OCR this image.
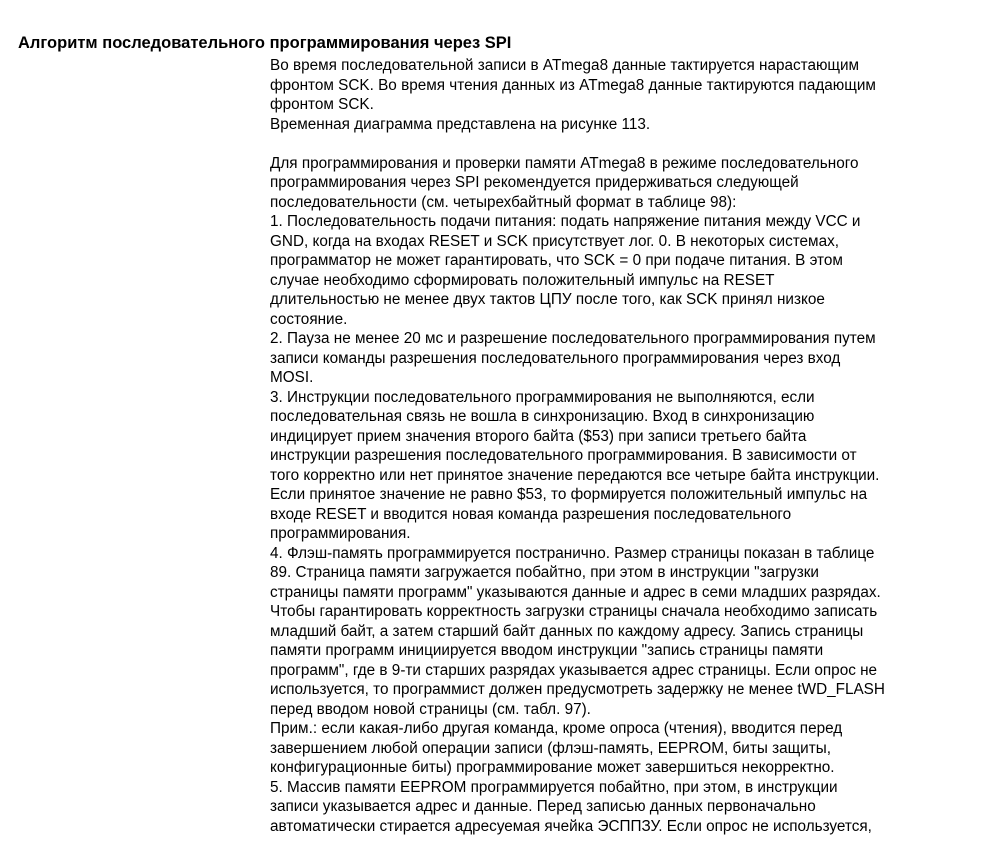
Алгоритм последовательного программирования через SPI
Во время последовательной записи в ATmega8 данные тактируется нарастающим
фронтом SCK. Во время чтения данных из ATmega8 данные тактируются падающим
фронтом SCK.
Временная диаграмма представлена на рисунке 113.
Для программирования и проверки памяти ATmega8 в режиме последовательного
программирования через SPI рекомендуется придерживаться следующей
последовательности (см. четырехбайтный формат в таблице 98):
1. Последовательность подачи питания: подать напряжение питания между VCC и
GND, когда на входах RESET и SCK присутствует лог. 0. В некоторых системах,
программатор не может гарантировать, что SCK = 0 при подаче питания. В этом
случае необходимо сформировать положительный импульс на RESET
длительностью не менее двух тактов ЦПУ после того, как SCK принял низкое
состояние.
2. Пауза не менее 20 мс и разрешение последовательного программирования путем
записи команды разрешения последовательного программирования через вход
MOSI.
3. Инструкции последовательного программирования не выполняются, если
последовательная связь не вошла в синхронизацию. Вход в синхронизацию
индицирует прием значения второго байта ($53) при записи третьего байта
инструкции разрешения последовательного программирования. В зависимости от
того корректно или нет принятое значение передаются все четыре байта инструкции.
Если принятое значение не равно $53, то формируется положительный импульс на
входе RESET и вводится новая команда разрешения последовательного
программирования.
4. Флэш-память программируется постранично. Размер страницы показан в таблице
89. Страница памяти загружается побайтно, при этом в инструкции "загрузки
страницы памяти программ" указываются данные и адрес в семи младших разрядах.
Чтобы гарантировать корректность загрузки страницы сначала необходимо записать
младший байт, а затем старший байт данных по каждому адресу. Запись страницы
памяти программ инициируется вводом инструкции "запись страницы памяти
программ", где в 9-ти старших разрядах указывается адрес страницы. Если опрос не
используется, то программист должен предусмотреть задержку не менее tWD_FLASH
перед вводом новой страницы (см. табл. 97).
Прим.: если какая-либо другая команда, кроме опроса (чтения), вводится перед
завершением любой операции записи (флэш-память, EEPROM, биты защиты,
конфигурационные биты) программирование может завершиться некорректно.
5. Массив памяти EEPROM программируется побайтно, при этом, в инструкции
записи указывается адрес и данные. Перед записью данных первоначально
автоматически стирается адресуемая ячейка ЭСППЗУ. Если опрос не используется,
